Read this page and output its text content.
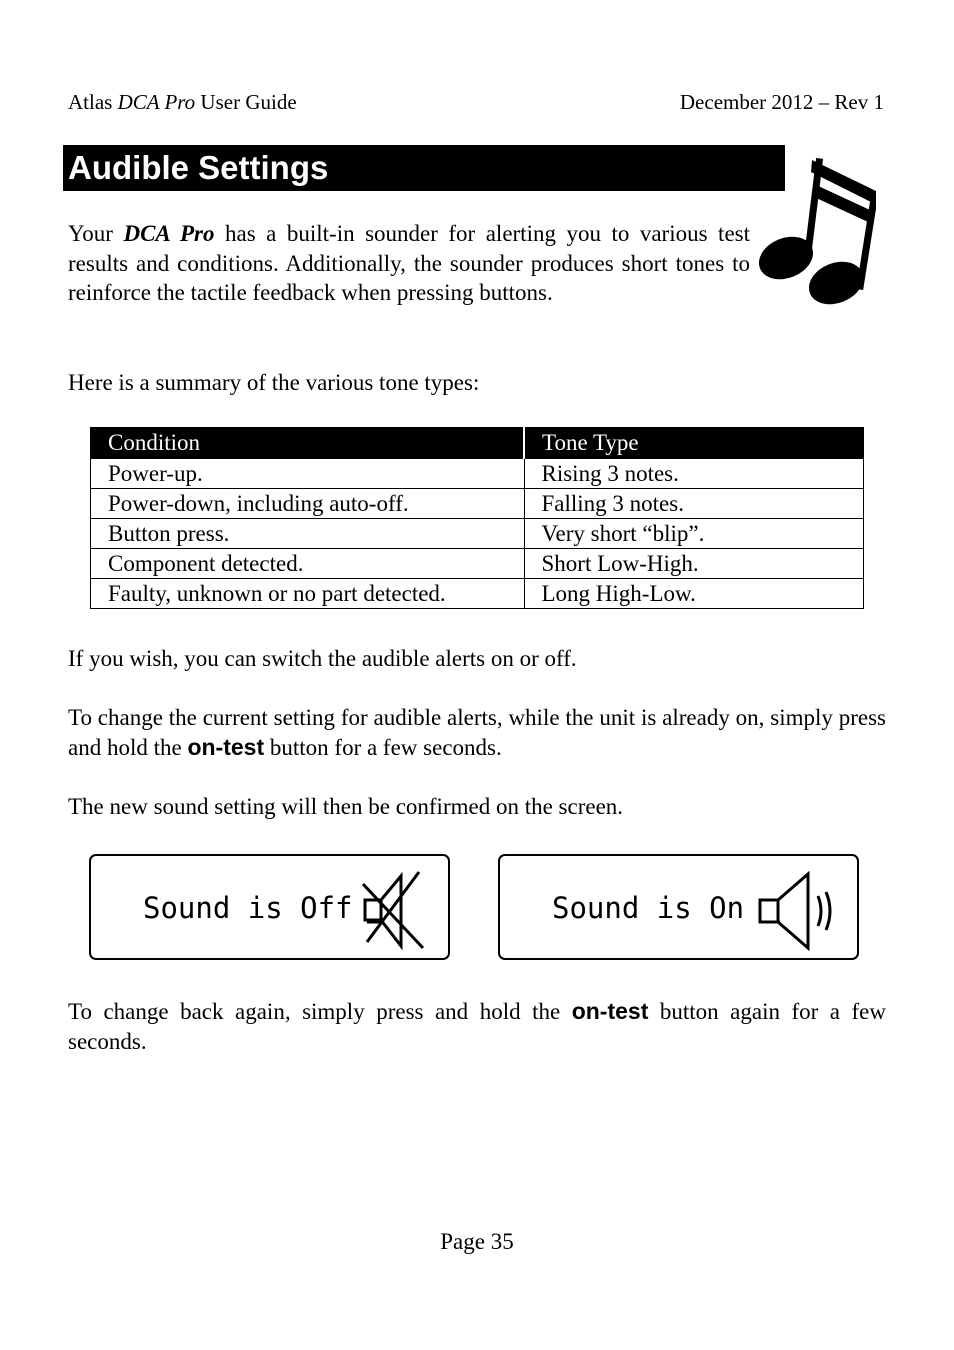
Atlas DCA Pro User Guide	December 2012 – Rev 1
Audible Settings

Your DCA Pro has a built-in sounder for alerting you to various test results and conditions. Additionally, the sounder produces short tones to reinforce the tactile feedback when pressing buttons.

Here is a summary of the various tone types:

Condition	Tone Type
Power-up.	Rising 3 notes.
Power-down, including auto-off.	Falling 3 notes.
Button press.	Very short “blip”.
Component detected.	Short Low-High.
Faulty, unknown or no part detected.	Long High-Low.

If you wish, you can switch the audible alerts on or off.

To change the current setting for audible alerts, while the unit is already on, simply press and hold the on-test button for a few seconds.

The new sound setting will then be confirmed on the screen.

Sound is Off	Sound is On

To change back again, simply press and hold the on-test button again for a few seconds.

Page 35
